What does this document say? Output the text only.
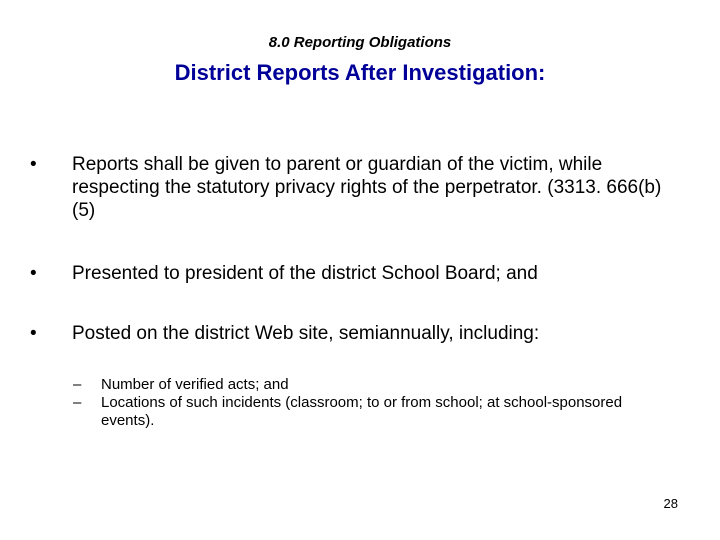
8.0 Reporting Obligations
District Reports After Investigation:
•	Reports shall be given to parent or guardian of the victim, while respecting the statutory privacy rights of the perpetrator. (3313. 666(b)(5)
•	Presented to president of the district School Board; and
•	Posted on the district Web site, semiannually, including:
–	Number of verified acts; and
–	Locations of such incidents (classroom; to or from school; at school-sponsored events).
28
